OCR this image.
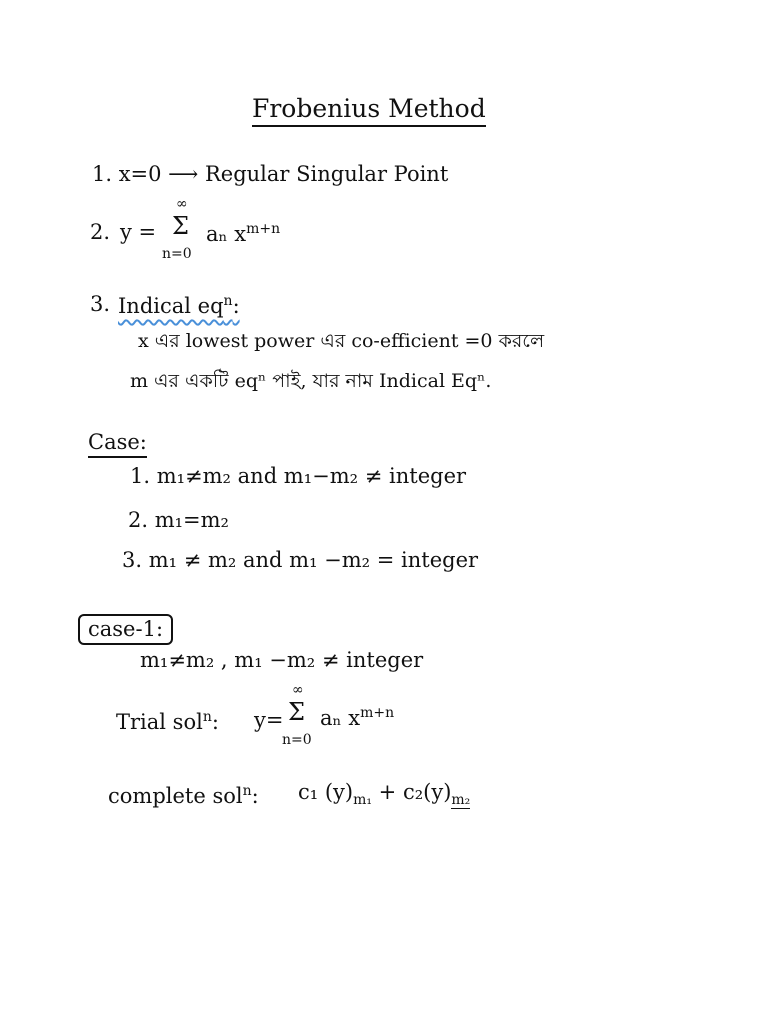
Frobenius Method
1. x=0 ⟶ Regular Singular Point
2. y =
∞
Σ
n=0
aₙ $x^{m+n}$
3. Indical $eq^n$:
x এর lowest power এর co-efficient =0 করলে
m এর একটি eqⁿ পাই, যার নাম Indical Eqⁿ.
Case:
1. m₁≠m₂ and m₁−m₂ ≠ integer
2. m₁=m₂
3. m₁ ≠ m₂ and m₁ −m₂ = integer
case-1:
m₁≠m₂ , m₁ −m₂ ≠ integer
Trial sol$^n$: y=
∞
Σ
n=0
aₙ $x^{m+n}$
complete sol$^n$: c₁ $(y)_{m_1} + c_2(y)_{m_2}$
